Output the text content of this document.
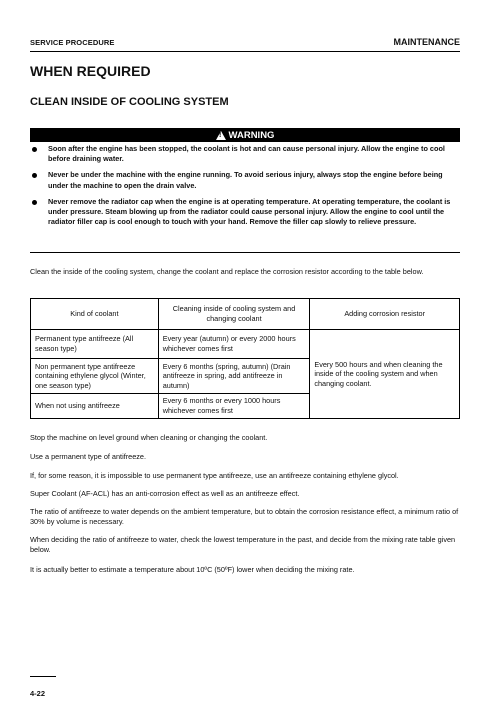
SERVICE PROCEDURE	MAINTENANCE
WHEN REQUIRED
CLEAN INSIDE OF COOLING SYSTEM
!
WARNING
Soon after the engine has been stopped, the coolant is hot and can cause personal injury. Allow the engine to cool before draining water.
Never be under the machine with the engine running. To avoid serious injury, always stop the engine before being under the machine to open the drain valve.
Never remove the radiator cap when the engine is at operating temperature. At operating temperature, the coolant is under pressure. Steam blowing up from the radiator could cause personal injury. Allow the engine to cool until the radiator filler cap is cool enough to touch with your hand. Remove the filler cap slowly to relieve pressure.
Clean the inside of the cooling system, change the coolant and replace the corrosion resistor according to the table below.
Kind of coolant	Cleaning inside of cooling system and changing coolant	Adding corrosion resistor
Permanent type antifreeze (All season type)	Every year (autumn) or every 2000 hours whichever comes first	Every 500 hours and when cleaning the inside of the cooling system and when changing coolant.
Non permanent type antifreeze containing ethylene glycol (Winter, one season type)	Every 6 months (spring, autumn) (Drain antifreeze in spring, add antifreeze in autumn)	
When not using antifreeze	Every 6 months or every 1000 hours whichever comes first	
Stop the machine on level ground when cleaning or changing the coolant.
Use a permanent type of antifreeze.
If, for some reason, it is impossible to use permanent type antifreeze, use an antifreeze containing ethylene glycol.
Super Coolant (AF-ACL) has an anti-corrosion effect as well as an antifreeze effect.
The ratio of antifreeze to water depends on the ambient temperature, but to obtain the corrosion resistance effect, a minimum ratio of 30% by volume is necessary.
When deciding the ratio of antifreeze to water, check the lowest temperature in the past, and decide from the mixing rate table given below.
It is actually better to estimate a temperature about 10ºC (50ºF) lower when deciding the mixing rate.
4-22
